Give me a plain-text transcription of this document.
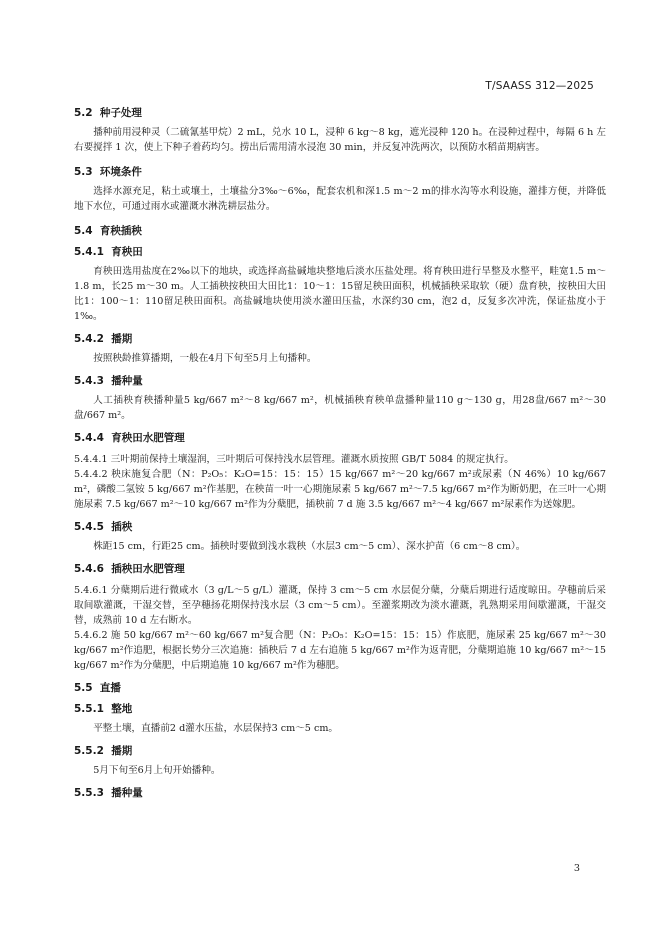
T/SAASS 312—2025

5.2  种子处理

播种前用浸种灵（二硫氰基甲烷）2 mL，兑水 10 L，浸种 6 kg～8 kg，遮光浸种 120 h。在浸种过程中，每隔 6 h 左右要搅拌 1 次，使上下种子着药均匀。捞出后需用清水浸泡 30 min，并反复冲洗两次，以预防水稻苗期病害。

5.3  环境条件

选择水源充足，粘土或壤土，土壤盐分3‰～6‰，配套农机和深1.5 m～2 m的排水沟等水利设施，灌排方便，并降低地下水位，可通过雨水或灌溉水淋洗耕层盐分。

5.4  育秧插秧

5.4.1  育秧田

育秧田选用盐度在2‰以下的地块，或选择高盐碱地块整地后淡水压盐处理。将育秧田进行旱整及水整平，畦宽1.5 m～1.8 m，长25 m～30 m。人工插秧按秧田大田比1：10～1：15留足秧田面积，机械插秧采取软（硬）盘育秧，按秧田大田比1：100～1：110留足秧田面积。高盐碱地块使用淡水灌田压盐，水深约30 cm，泡2 d，反复多次冲洗，保证盐度小于1‰。

5.4.2  播期

按照秧龄推算播期，一般在4月下旬至5月上旬播种。

5.4.3  播种量

人工插秧育秧播种量5 kg/667 m²～8 kg/667 m²，机械插秧育秧单盘播种量110 g～130 g，用28盘/667 m²～30盘/667 m²。

5.4.4  育秧田水肥管理

5.4.4.1 三叶期前保持土壤湿润，三叶期后可保持浅水层管理。灌溉水质按照 GB/T 5084 的规定执行。

5.4.4.2 秧床施复合肥（N：P₂O₅：K₂O=15：15：15）15 kg/667 m²～20 kg/667 m²或尿素（N 46%）10 kg/667 m²，磷酸二氢铵 5 kg/667 m²作基肥，在秧苗一叶一心期施尿素 5 kg/667 m²～7.5 kg/667 m²作为断奶肥，在三叶一心期施尿素 7.5 kg/667 m²～10 kg/667 m²作为分蘖肥，插秧前 7 d 施 3.5 kg/667 m²～4 kg/667 m²尿素作为送嫁肥。

5.4.5  插秧

株距15 cm，行距25 cm。插秧时要做到浅水栽秧（水层3 cm～5 cm）、深水护苗（6 cm～8 cm）。

5.4.6  插秧田水肥管理

5.4.6.1 分蘖期后进行微咸水（3 g/L～5 g/L）灌溉，保持 3 cm～5 cm 水层促分蘖，分蘖后期进行适度晾田。孕穗前后采取间歇灌溉，干湿交替，至孕穗扬花期保持浅水层（3 cm～5 cm）。至灌浆期改为淡水灌溉，乳熟期采用间歇灌溉，干湿交替，成熟前 10 d 左右断水。

5.4.6.2 施 50 kg/667 m²～60 kg/667 m²复合肥（N：P₂O₅：K₂O=15：15：15）作底肥，施尿素 25 kg/667 m²～30 kg/667 m²作追肥，根据长势分三次追施：插秧后 7 d 左右追施 5 kg/667 m²作为返青肥，分蘖期追施 10 kg/667 m²～15 kg/667 m²作为分蘖肥，中后期追施 10 kg/667 m²作为穗肥。

5.5  直播

5.5.1  整地

平整土壤，直播前2 d灌水压盐，水层保持3 cm～5 cm。

5.5.2  播期

5月下旬至6月上旬开始播种。

5.5.3  播种量

3
